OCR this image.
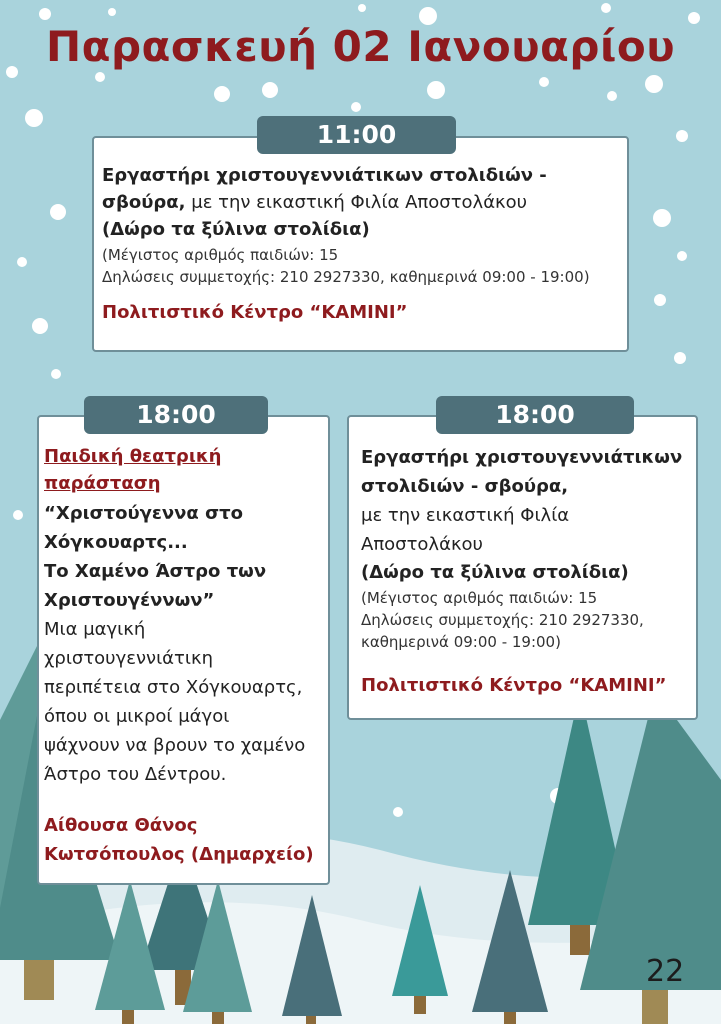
Παρασκευή 02 Ιανουαρίου

Εργαστήρι χριστουγεννιάτικων στολιδιών -

σβούρα, με την εικαστική Φιλία Αποστολάκου

(Δώρο τα ξύλινα στολίδια)

(Μέγιστος αριθμός παιδιών: 15

Δηλώσεις συμμετοχής: 210 2927330, καθημερινά 09:00 - 19:00)

Πολιτιστικό Κέντρο “ΚΑΜΙΝΙ”

11:00

Παιδική θεατρική
παράσταση

“Χριστούγεννα στο
Χόγκουαρτς...
Το Χαμένο Άστρο των
Χριστουγέννων”
Μια μαγική
χριστουγεννιάτικη
περιπέτεια στο Χόγκουαρτς,
όπου οι μικροί μάγοι
ψάχνουν να βρουν το χαμένο
Άστρο του Δέντρου.
Αίθουσα Θάνος
Κωτσόπουλος (Δημαρχείο)
18:00
Εργαστήρι χριστουγεννιάτικων
στολιδιών - σβούρα,
με την εικαστική Φιλία
Αποστολάκου

(Δώρο τα ξύλινα στολίδια)

(Μέγιστος αριθμός παιδιών: 15
Δηλώσεις συμμετοχής: 210 2927330,
καθημερινά 09:00 - 19:00)

Πολιτιστικό Κέντρο “ΚΑΜΙΝΙ”

18:00
22
